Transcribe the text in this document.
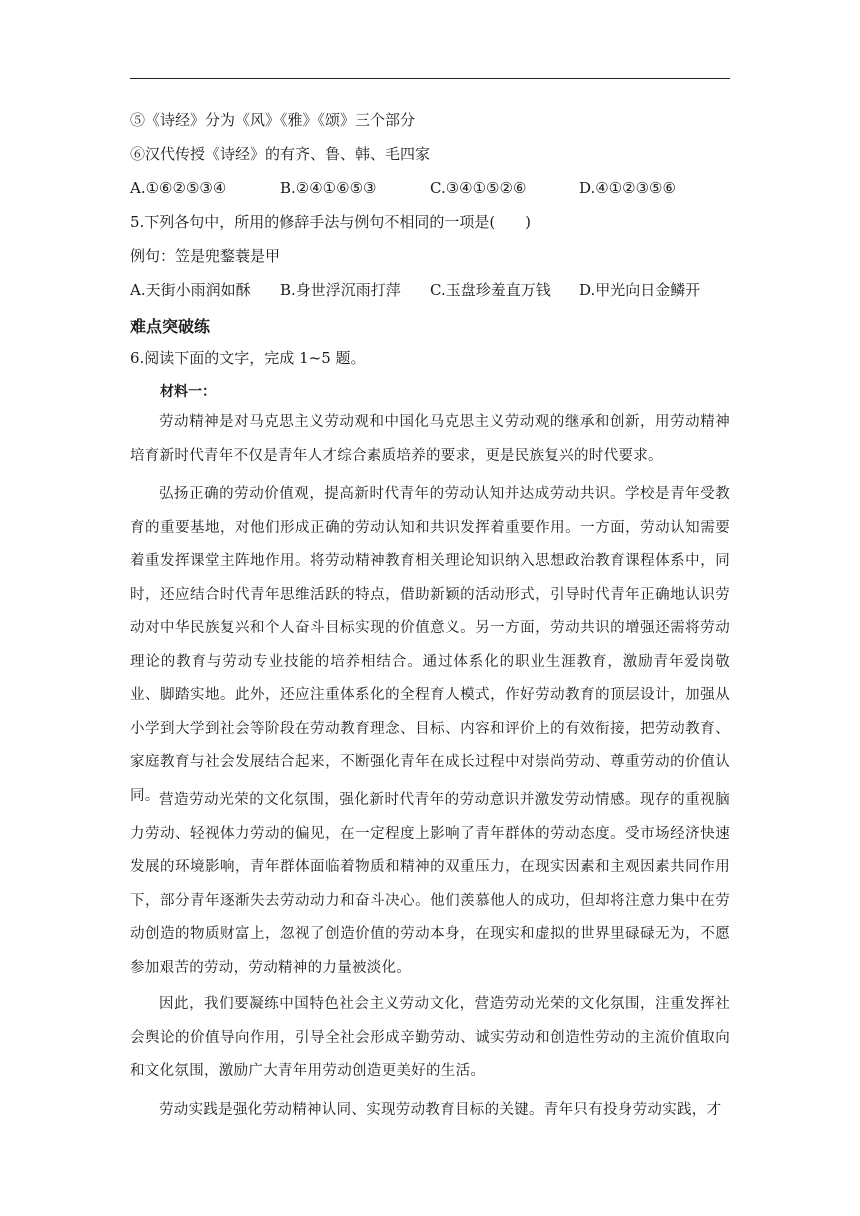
⑤《诗经》分为《风》《雅》《颂》三个部分
⑥汉代传授《诗经》的有齐、鲁、韩、毛四家
A.①⑥②⑤③④	B.②④①⑥⑤③	C.③④①⑤②⑥	D.④①②③⑤⑥
5.下列各句中，所用的修辞手法与例句不相同的一项是(　　)
例句：笠是兜鍪蓑是甲
A.天街小雨润如酥 B.身世浮沉雨打萍 C.玉盘珍羞直万钱 D.甲光向日金鳞开
难点突破练
6.阅读下面的文字，完成 1~5 题。
材料一：
劳动精神是对马克思主义劳动观和中国化马克思主义劳动观的继承和创新，用劳动精神培育新时代青年不仅是青年人才综合素质培养的要求，更是民族复兴的时代要求。
弘扬正确的劳动价值观，提高新时代青年的劳动认知并达成劳动共识。学校是青年受教育的重要基地，对他们形成正确的劳动认知和共识发挥着重要作用。一方面，劳动认知需要着重发挥课堂主阵地作用。将劳动精神教育相关理论知识纳入思想政治教育课程体系中，同时，还应结合时代青年思维活跃的特点，借助新颖的活动形式，引导时代青年正确地认识劳动对中华民族复兴和个人奋斗目标实现的价值意义。另一方面，劳动共识的增强还需将劳动理论的教育与劳动专业技能的培养相结合。通过体系化的职业生涯教育，激励青年爱岗敬业、脚踏实地。此外，还应注重体系化的全程育人模式，作好劳动教育的顶层设计，加强从小学到大学到社会等阶段在劳动教育理念、目标、内容和评价上的有效衔接，把劳动教育、家庭教育与社会发展结合起来，不断强化青年在成长过程中对崇尚劳动、尊重劳动的价值认同。 营造劳动光荣的文化氛围，强化新时代青年的劳动意识并激发劳动情感。现存的重视脑力劳动、轻视体力劳动的偏见，在一定程度上影响了青年群体的劳动态度。受市场经济快速发展的环境影响，青年群体面临着物质和精神的双重压力，在现实因素和主观因素共同作用下，部分青年逐渐失去劳动动力和奋斗决心。他们羡慕他人的成功，但却将注意力集中在劳动创造的物质财富上，忽视了创造价值的劳动本身，在现实和虚拟的世界里碌碌无为，不愿参加艰苦的劳动，劳动精神的力量被淡化。
因此，我们要凝练中国特色社会主义劳动文化，营造劳动光荣的文化氛围，注重发挥社会舆论的价值导向作用，引导全社会形成辛勤劳动、诚实劳动和创造性劳动的主流价值取向和文化氛围，激励广大青年用劳动创造更美好的生活。
劳动实践是强化劳动精神认同、实现劳动教育目标的关键。青年只有投身劳动实践，才
